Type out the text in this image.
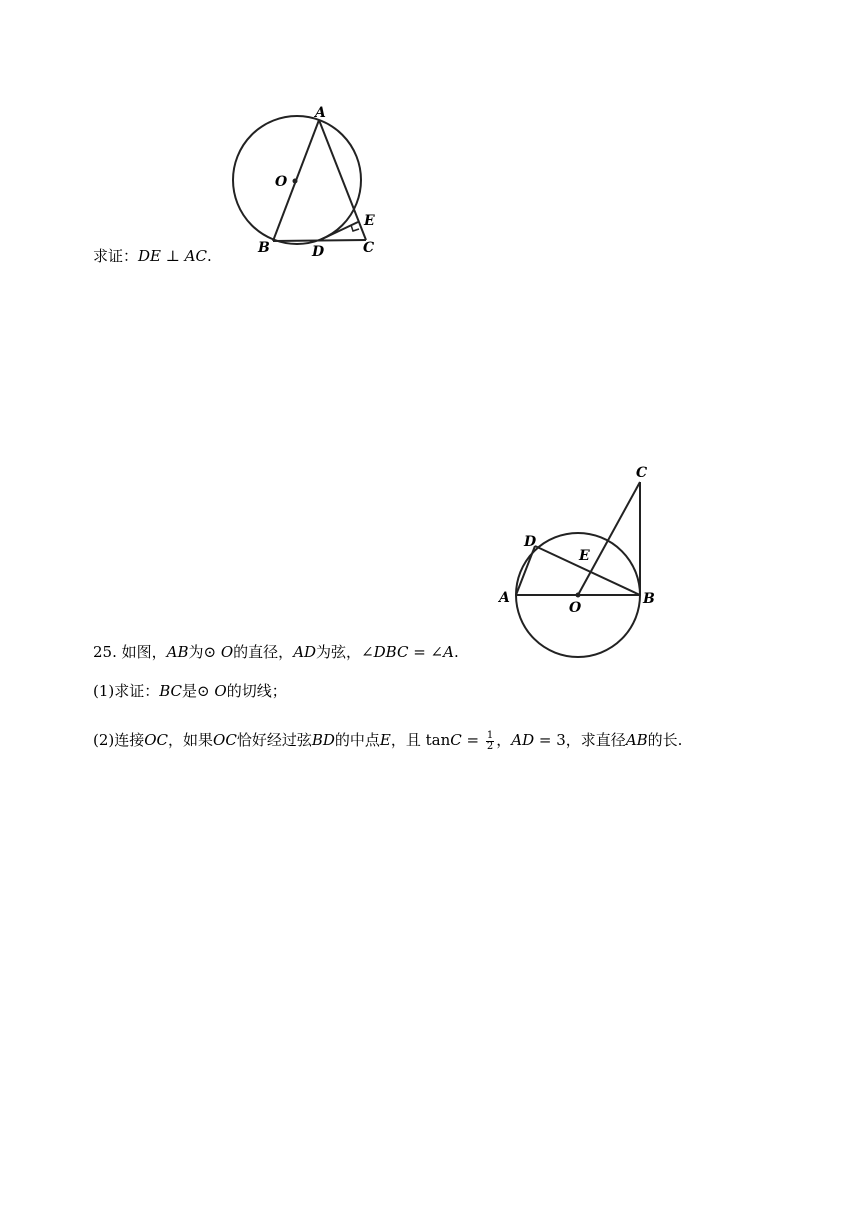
A
O
E
B	D	C
求证：DE ⊥ AC.
C
D
E
A
O
B
25. 如图，AB为⊙ O的直径，AD为弦，∠DBC = ∠A.
(1)求证：BC是⊙ O的切线；
(2)连接OC，如果OC恰好经过弦BD的中点E，且 $\tan C = \frac{1}{2}$ ，AD = 3，求直径AB的长.
